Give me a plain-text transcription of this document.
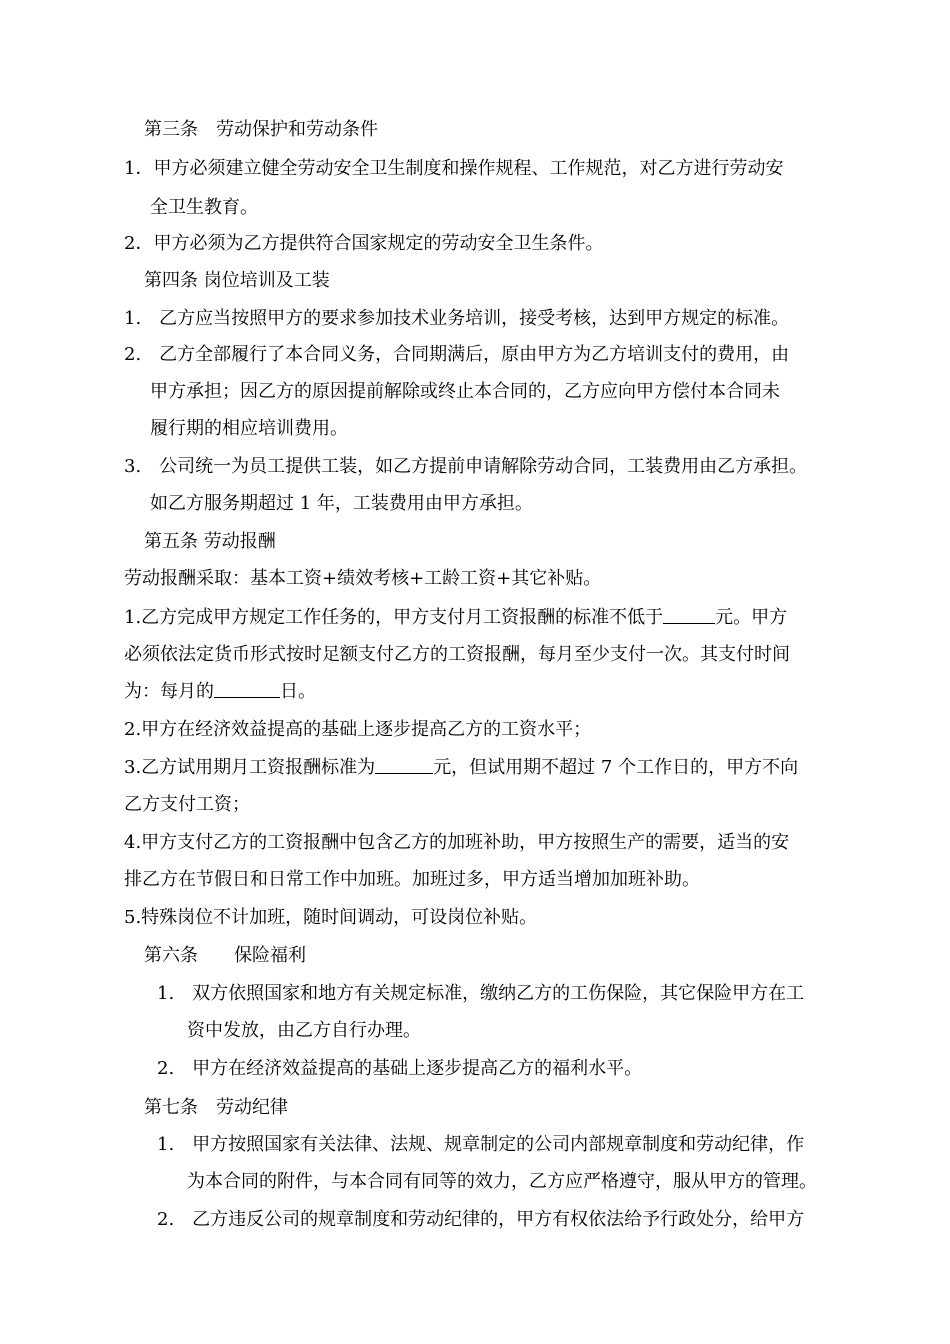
第三条　劳动保护和劳动条件
1．甲方必须建立健全劳动安全卫生制度和操作规程、工作规范，对乙方进行劳动安
全卫生教育。
2．甲方必须为乙方提供符合国家规定的劳动安全卫生条件。
第四条 岗位培训及工装
1.　乙方应当按照甲方的要求参加技术业务培训，接受考核，达到甲方规定的标准。
2.　乙方全部履行了本合同义务，合同期满后，原由甲方为乙方培训支付的费用，由
甲方承担；因乙方的原因提前解除或终止本合同的，乙方应向甲方偿付本合同未
履行期的相应培训费用。
3.　公司统一为员工提供工装，如乙方提前申请解除劳动合同，工装费用由乙方承担。
如乙方服务期超过 1 年，工装费用由甲方承担。
第五条 劳动报酬
劳动报酬采取：基本工资+绩效考核+工龄工资+其它补贴。
1.乙方完成甲方规定工作任务的，甲方支付月工资报酬的标准不低于	元。甲方
必须依法定货币形式按时足额支付乙方的工资报酬，每月至少支付一次。其支付时间
为：每月的	日。
2.甲方在经济效益提高的基础上逐步提高乙方的工资水平；
3.乙方试用期月工资报酬标准为	元，但试用期不超过 7 个工作日的，甲方不向
乙方支付工资；
4.甲方支付乙方的工资报酬中包含乙方的加班补助，甲方按照生产的需要，适当的安
排乙方在节假日和日常工作中加班。加班过多，甲方适当增加加班补助。
5.特殊岗位不计加班，随时间调动，可设岗位补贴。
第六条　　保险福利
1.　双方依照国家和地方有关规定标准，缴纳乙方的工伤保险，其它保险甲方在工
资中发放，由乙方自行办理。
2.　甲方在经济效益提高的基础上逐步提高乙方的福利水平。
第七条　劳动纪律
1.　甲方按照国家有关法律、法规、规章制定的公司内部规章制度和劳动纪律，作
为本合同的附件，与本合同有同等的效力，乙方应严格遵守，服从甲方的管理。
2.　乙方违反公司的规章制度和劳动纪律的，甲方有权依法给予行政处分，给甲方
